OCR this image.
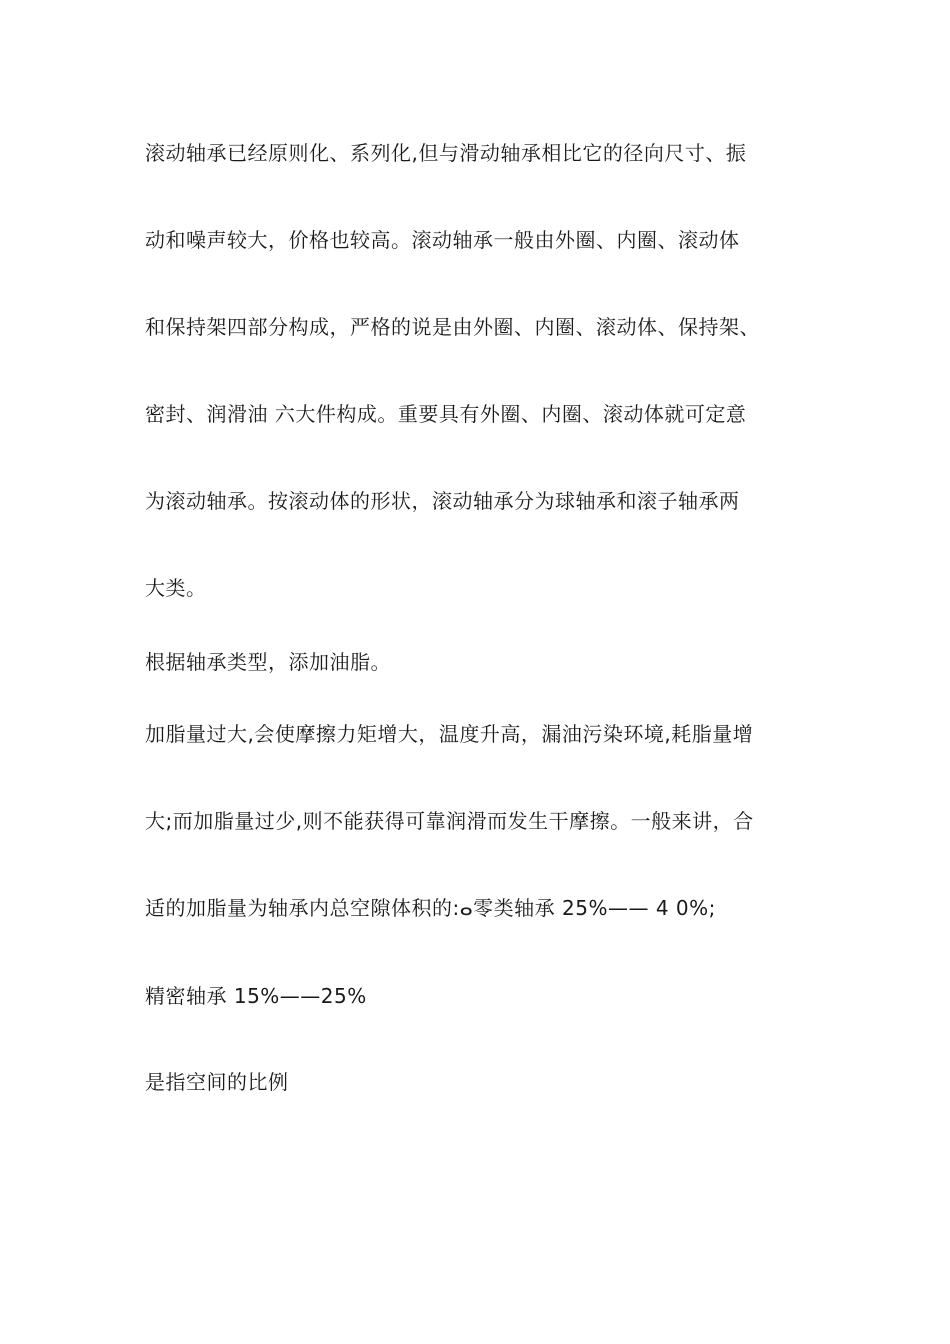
滚动轴承已经原则化、系列化,但与滑动轴承相比它的径向尺寸、振
动和噪声较大，价格也较高。滚动轴承一般由外圈、内圈、滚动体
和保持架四部分构成，严格的说是由外圈、内圈、滚动体、保持架、
密封、润滑油 六大件构成。重要具有外圈、内圈、滚动体就可定意
为滚动轴承。按滚动体的形状，滚动轴承分为球轴承和滚子轴承两
大类。
根据轴承类型，添加油脂。
加脂量过大,会使摩擦力矩增大，温度升高，漏油污染环境,耗脂量增
大;而加脂量过少,则不能获得可靠润滑而发生干摩擦。一般来讲，合
适的加脂量为轴承内总空隙体积的:ⴰ零类轴承 25%—— 4 0%;
精密轴承 15%——25%
是指空间的比例
